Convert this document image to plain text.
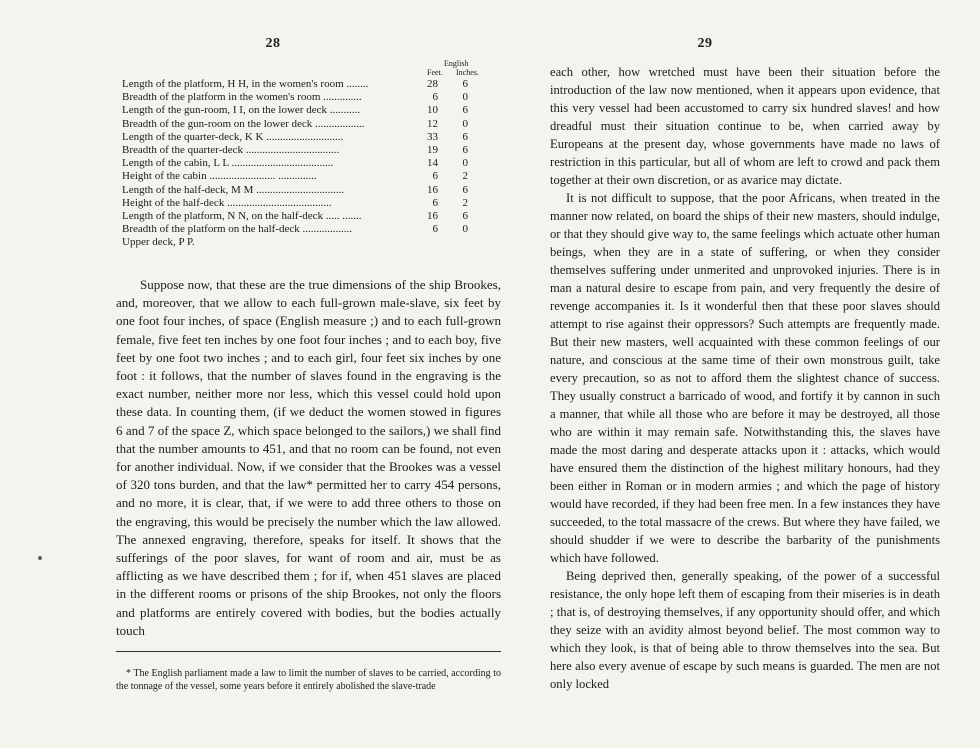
28
English
Feet. Inches.
Length of the platform, H H, in the women's room ........	28	6
Breadth of the platform in the women's room ..............	6	0
Length of the gun-room, I I, on the lower deck ...........	10	6
Breadth of the gun-room on the lower deck ..................	12	0
Length of the quarter-deck, K K ............................	33	6
Breadth of the quarter-deck ..................................	19	6
Length of the cabin, L L .....................................	14	0
Height of the cabin ........................ ..............	6	2
Length of the half-deck, M M ................................	16	6
Height of the half-deck ......................................	6	2
Length of the platform, N N, on the half-deck ..... .......	16	6
Breadth of the platform on the half-deck ..................	6	0
Upper deck, P P.

Suppose now, that these are the true dimensions of the ship Brookes, and, moreover, that we allow to each full-grown male-slave, six feet by one foot four inches, of space (English measure ;) and to each full-grown female, five feet ten inches by one foot four inches ; and to each boy, five feet by one foot two inches ; and to each girl, four feet six inches by one foot : it follows, that the number of slaves found in the engraving is the exact number, neither more nor less, which this vessel could hold upon these data. In counting them, (if we deduct the women stowed in figures 6 and 7 of the space Z, which space belonged to the sailors,) we shall find that the number amounts to 451, and that no room can be found, not even for another individual. Now, if we consider that the Brookes was a vessel of 320 tons burden, and that the law* permitted her to carry 454 persons, and no more, it is clear, that, if we were to add three others to those on the engraving, this would be precisely the number which the law allowed. The annexed engraving, therefore, speaks for itself. It shows that the sufferings of the poor slaves, for want of room and air, must be as afflicting as we have described them ; for if, when 451 slaves are placed in the different rooms or prisons of the ship Brookes, not only the floors and platforms are entirely covered with bodies, but the bodies actually touch

* The English parliament made a law to limit the number of slaves to be carried, according to the tonnage of the vessel, some years before it entirely abolished the slave-trade

29

each other, how wretched must have been their situation before the introduction of the law now mentioned, when it appears upon evidence, that this very vessel had been accustomed to carry six hundred slaves! and how dreadful must their situation continue to be, when carried away by Europeans at the present day, whose governments have made no laws of restriction in this particular, but all of whom are left to crowd and pack them together at their own discretion, or as avarice may dictate.

It is not difficult to suppose, that the poor Africans, when treated in the manner now related, on board the ships of their new masters, should indulge, or that they should give way to, the same feelings which actuate other human beings, when they are in a state of suffering, or when they consider themselves suffering under unmerited and unprovoked injuries. There is in man a natural desire to escape from pain, and very frequently the desire of revenge accompanies it. Is it wonderful then that these poor slaves should attempt to rise against their oppressors? Such attempts are frequently made. But their new masters, well acquainted with these common feelings of our nature, and conscious at the same time of their own monstrous guilt, take every precaution, so as not to afford them the slightest chance of success. They usually construct a barricado of wood, and fortify it by cannon in such a manner, that while all those who are before it may be destroyed, all those who are within it may remain safe. Notwithstanding this, the slaves have made the most daring and desperate attacks upon it : attacks, which would have ensured them the distinction of the highest military honours, had they been either in Roman or in modern armies ; and which the page of history would have recorded, if they had been free men. In a few instances they have succeeded, to the total massacre of the crews. But where they have failed, we should shudder if we were to describe the barbarity of the punishments which have followed.

Being deprived then, generally speaking, of the power of a successful resistance, the only hope left them of escaping from their miseries is in death ; that is, of destroying themselves, if any opportunity should offer, and which they seize with an avidity almost beyond belief. The most common way to which they look, is that of being able to throw themselves into the sea. But here also every avenue of escape by such means is guarded. The men are not only locked
